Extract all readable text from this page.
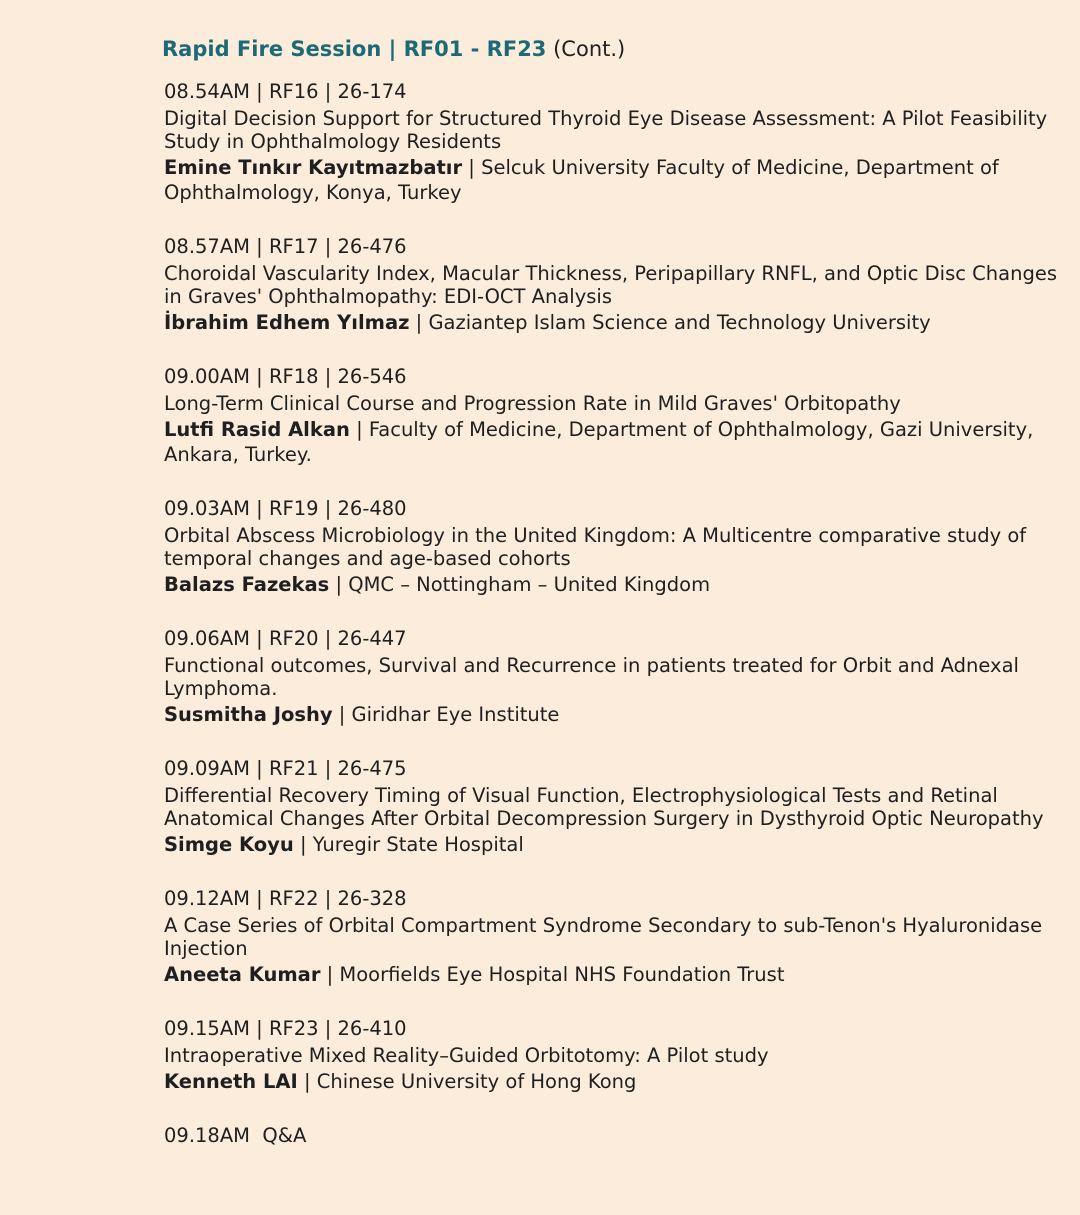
Rapid Fire Session | RF01 - RF23 (Cont.)
08.54AM | RF16 | 26-174
Digital Decision Support for Structured Thyroid Eye Disease Assessment: A Pilot Feasibility Study in Ophthalmology Residents
Emine Tınkır Kayıtmazbatır | Selcuk University Faculty of Medicine, Department of Ophthalmology, Konya, Turkey
08.57AM | RF17 | 26-476
Choroidal Vascularity Index, Macular Thickness, Peripapillary RNFL, and Optic Disc Changes in Graves' Ophthalmopathy: EDI-OCT Analysis
İbrahim Edhem Yılmaz | Gaziantep Islam Science and Technology University
09.00AM | RF18 | 26-546
Long-Term Clinical Course and Progression Rate in Mild Graves' Orbitopathy
Lutfi Rasid Alkan | Faculty of Medicine, Department of Ophthalmology, Gazi University, Ankara, Turkey.
09.03AM | RF19 | 26-480
Orbital Abscess Microbiology in the United Kingdom: A Multicentre comparative study of temporal changes and age-based cohorts
Balazs Fazekas | QMC – Nottingham – United Kingdom
09.06AM | RF20 | 26-447
Functional outcomes, Survival and Recurrence in patients treated for Orbit and Adnexal Lymphoma.
Susmitha Joshy | Giridhar Eye Institute
09.09AM | RF21 | 26-475
Differential Recovery Timing of Visual Function, Electrophysiological Tests and Retinal Anatomical Changes After Orbital Decompression Surgery in Dysthyroid Optic Neuropathy
Simge Koyu | Yuregir State Hospital
09.12AM | RF22 | 26-328
A Case Series of Orbital Compartment Syndrome Secondary to sub-Tenon's Hyaluronidase Injection
Aneeta Kumar | Moorfields Eye Hospital NHS Foundation Trust
09.15AM | RF23 | 26-410
Intraoperative Mixed Reality–Guided Orbitotomy: A Pilot study
Kenneth LAI | Chinese University of Hong Kong
09.18AM  Q&A
